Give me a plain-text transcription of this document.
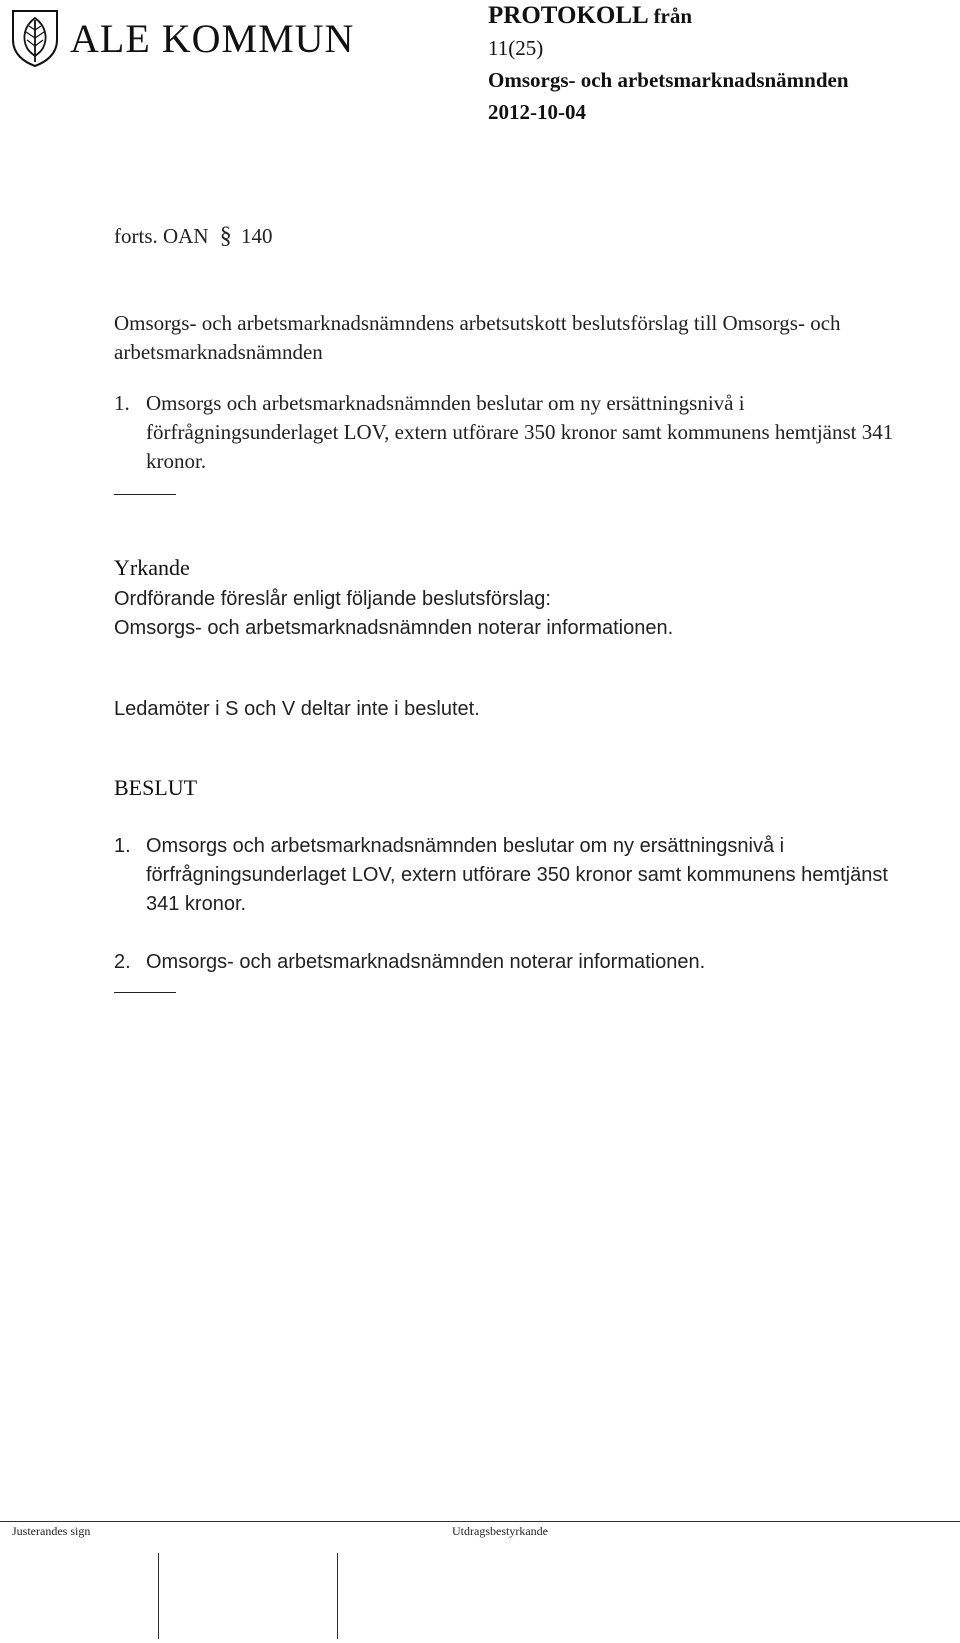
ALE KOMMUN	PROTOKOLL från
11(25)
Omsorgs- och arbetsmarknadsnämnden
2012-10-04
forts. OAN § 140
Omsorgs- och arbetsmarknadsnämndens arbetsutskott beslutsförslag till Omsorgs- och arbetsmarknadsnämnden
1. Omsorgs och arbetsmarknadsnämnden beslutar om ny ersättningsnivå i förfrågningsunderlaget LOV, extern utförare 350 kronor samt kommunens hemtjänst 341 kronor.
Yrkande
Ordförande föreslår enligt följande beslutsförslag:
Omsorgs- och arbetsmarknadsnämnden noterar informationen.
Ledamöter i S och V deltar inte i beslutet.
BESLUT
1. Omsorgs och arbetsmarknadsnämnden beslutar om ny ersättningsnivå i förfrågningsunderlaget LOV, extern utförare 350 kronor samt kommunens hemtjänst 341 kronor.
2. Omsorgs- och arbetsmarknadsnämnden noterar informationen.
Justerandes sign	Utdragsbestyrkande
